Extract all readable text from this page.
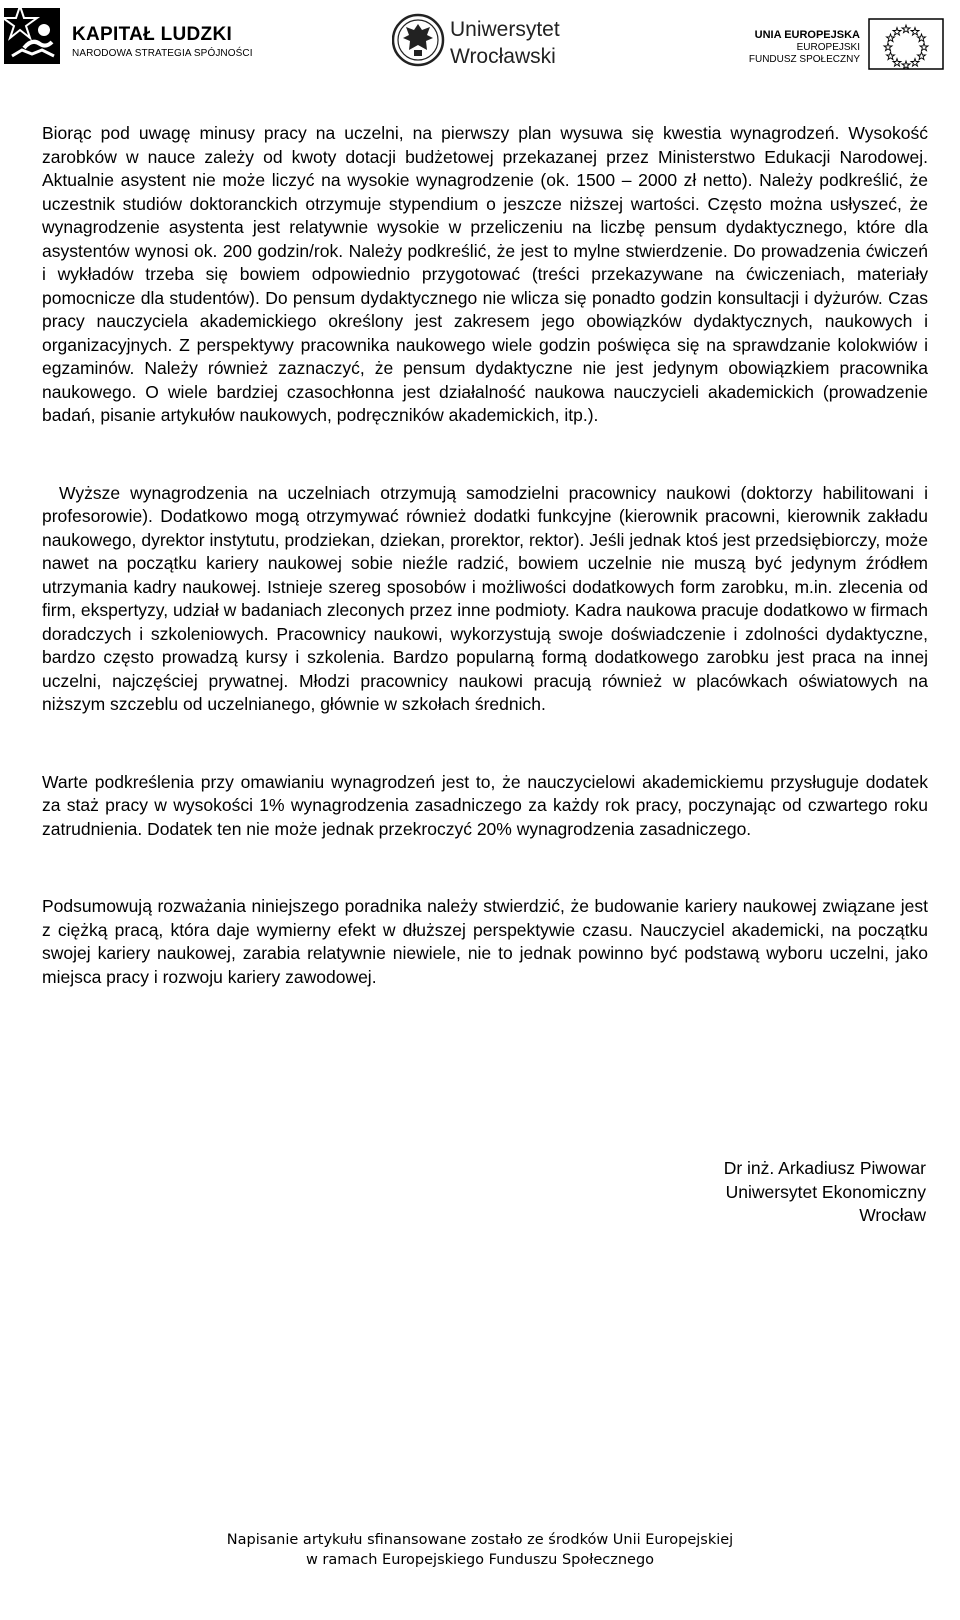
KAPITAŁ LUDZKI
NARODOWA STRATEGIA SPÓJNOŚCI
Uniwersytet
Wrocławski
UNIA EUROPEJSKA
EUROPEJSKI
FUNDUSZ SPOŁECZNY

Biorąc pod uwagę minusy pracy na uczelni, na pierwszy plan wysuwa się kwestia wynagrodzeń. Wysokość zarobków w nauce zależy od kwoty dotacji budżetowej przekazanej przez Ministerstwo Edukacji Narodowej. Aktualnie asystent nie może liczyć na wysokie wynagrodzenie (ok. 1500 – 2000 zł netto). Należy podkreślić, że uczestnik studiów doktoranckich otrzymuje stypendium o jeszcze niższej wartości. Często można usłyszeć, że wynagrodzenie asystenta jest relatywnie wysokie w przeliczeniu na liczbę pensum dydaktycznego, które dla asystentów wynosi ok. 200 godzin/rok. Należy podkreślić, że jest to mylne stwierdzenie. Do prowadzenia ćwiczeń i wykładów trzeba się bowiem odpowiednio przygotować (treści przekazywane na ćwiczeniach, materiały pomocnicze dla studentów). Do pensum dydaktycznego nie wlicza się ponadto godzin konsultacji i dyżurów. Czas pracy nauczyciela akademickiego określony jest zakresem jego obowiązków dydaktycznych, naukowych i organizacyjnych. Z perspektywy pracownika naukowego wiele godzin poświęca się na sprawdzanie kolokwiów i egzaminów. Należy również zaznaczyć, że pensum dydaktyczne nie jest jedynym obowiązkiem pracownika naukowego. O wiele bardziej czasochłonna jest działalność naukowa nauczycieli akademickich (prowadzenie badań, pisanie artykułów naukowych, podręczników akademickich, itp.).

Wyższe wynagrodzenia na uczelniach otrzymują samodzielni pracownicy naukowi (doktorzy habilitowani i profesorowie). Dodatkowo mogą otrzymywać również dodatki funkcyjne (kierownik pracowni, kierownik zakładu naukowego, dyrektor instytutu, prodziekan, dziekan, prorektor, rektor). Jeśli jednak ktoś jest przedsiębiorczy, może nawet na początku kariery naukowej sobie nieźle radzić, bowiem uczelnie nie muszą być jedynym źródłem utrzymania kadry naukowej. Istnieje szereg sposobów i możliwości dodatkowych form zarobku, m.in. zlecenia od firm, ekspertyzy, udział w badaniach zleconych przez inne podmioty. Kadra naukowa pracuje dodatkowo w firmach doradczych i szkoleniowych. Pracownicy naukowi, wykorzystują swoje doświadczenie i zdolności dydaktyczne, bardzo często prowadzą kursy i szkolenia. Bardzo popularną formą dodatkowego zarobku jest praca na innej uczelni, najczęściej prywatnej. Młodzi pracownicy naukowi pracują również w placówkach oświatowych na niższym szczeblu od uczelnianego, głównie w szkołach średnich.

Warte podkreślenia przy omawianiu wynagrodzeń jest to, że nauczycielowi akademickiemu przysługuje dodatek za staż pracy w wysokości 1% wynagrodzenia zasadniczego za każdy rok pracy, poczynając od czwartego roku zatrudnienia. Dodatek ten nie może jednak przekroczyć 20% wynagrodzenia zasadniczego.

Podsumowują rozważania niniejszego poradnika należy stwierdzić, że budowanie kariery naukowej związane jest z ciężką pracą, która daje wymierny efekt w dłuższej perspektywie czasu. Nauczyciel akademicki, na początku swojej kariery naukowej, zarabia relatywnie niewiele, nie to jednak powinno być podstawą wyboru uczelni, jako miejsca pracy i rozwoju kariery zawodowej.

Dr inż. Arkadiusz Piwowar
Uniwersytet Ekonomiczny
Wrocław
Napisanie artykułu sfinansowane zostało ze środków Unii Europejskiej
w ramach Europejskiego Funduszu Społecznego
